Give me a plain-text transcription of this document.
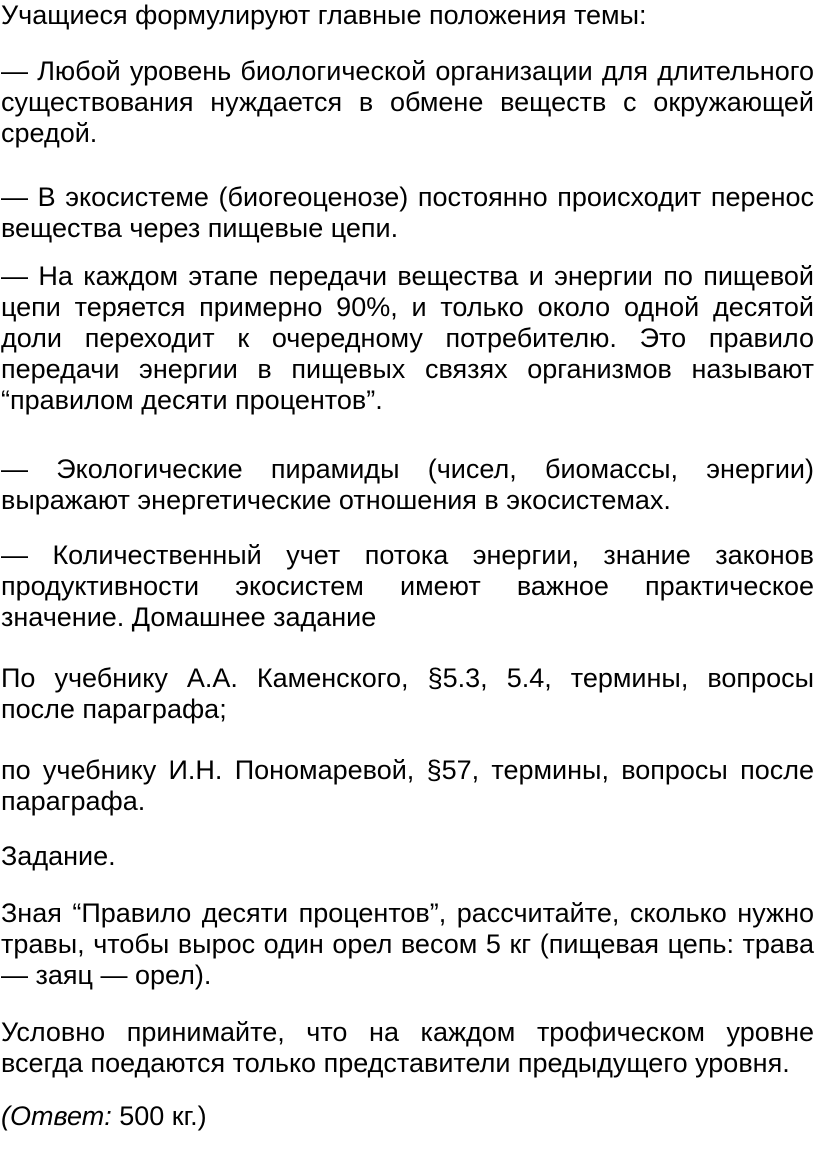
Учащиеся формулируют главные положения темы:

— Любой уровень биологической организации для длительного существования нуждается в обмене веществ с окружающей средой.

— В экосистеме (биогеоценозе) постоянно происходит перенос вещества через пищевые цепи.

— На каждом этапе передачи вещества и энергии по пищевой цепи теряется примерно 90%, и только около одной десятой доли переходит к очередному потребителю. Это правило передачи энергии в пищевых связях организмов называют “правилом десяти процентов”.

— Экологические пирамиды (чисел, биомассы, энергии) выражают энергетические отношения в экосистемах.

— Количественный учет потока энергии, знание законов продуктивности экосистем имеют важное практическое значение. Домашнее задание

По учебнику А.А. Каменского, §5.3, 5.4, термины, вопросы после параграфа;

по учебнику И.Н. Пономаревой, §57, термины, вопросы после параграфа.

Задание.

Зная “Правило десяти процентов”, рассчитайте, сколько нужно травы, чтобы вырос один орел весом 5 кг (пищевая цепь: трава — заяц — орел).

Условно принимайте, что на каждом трофическом уровне всегда поедаются только представители предыдущего уровня.

(Ответ: 500 кг.)
